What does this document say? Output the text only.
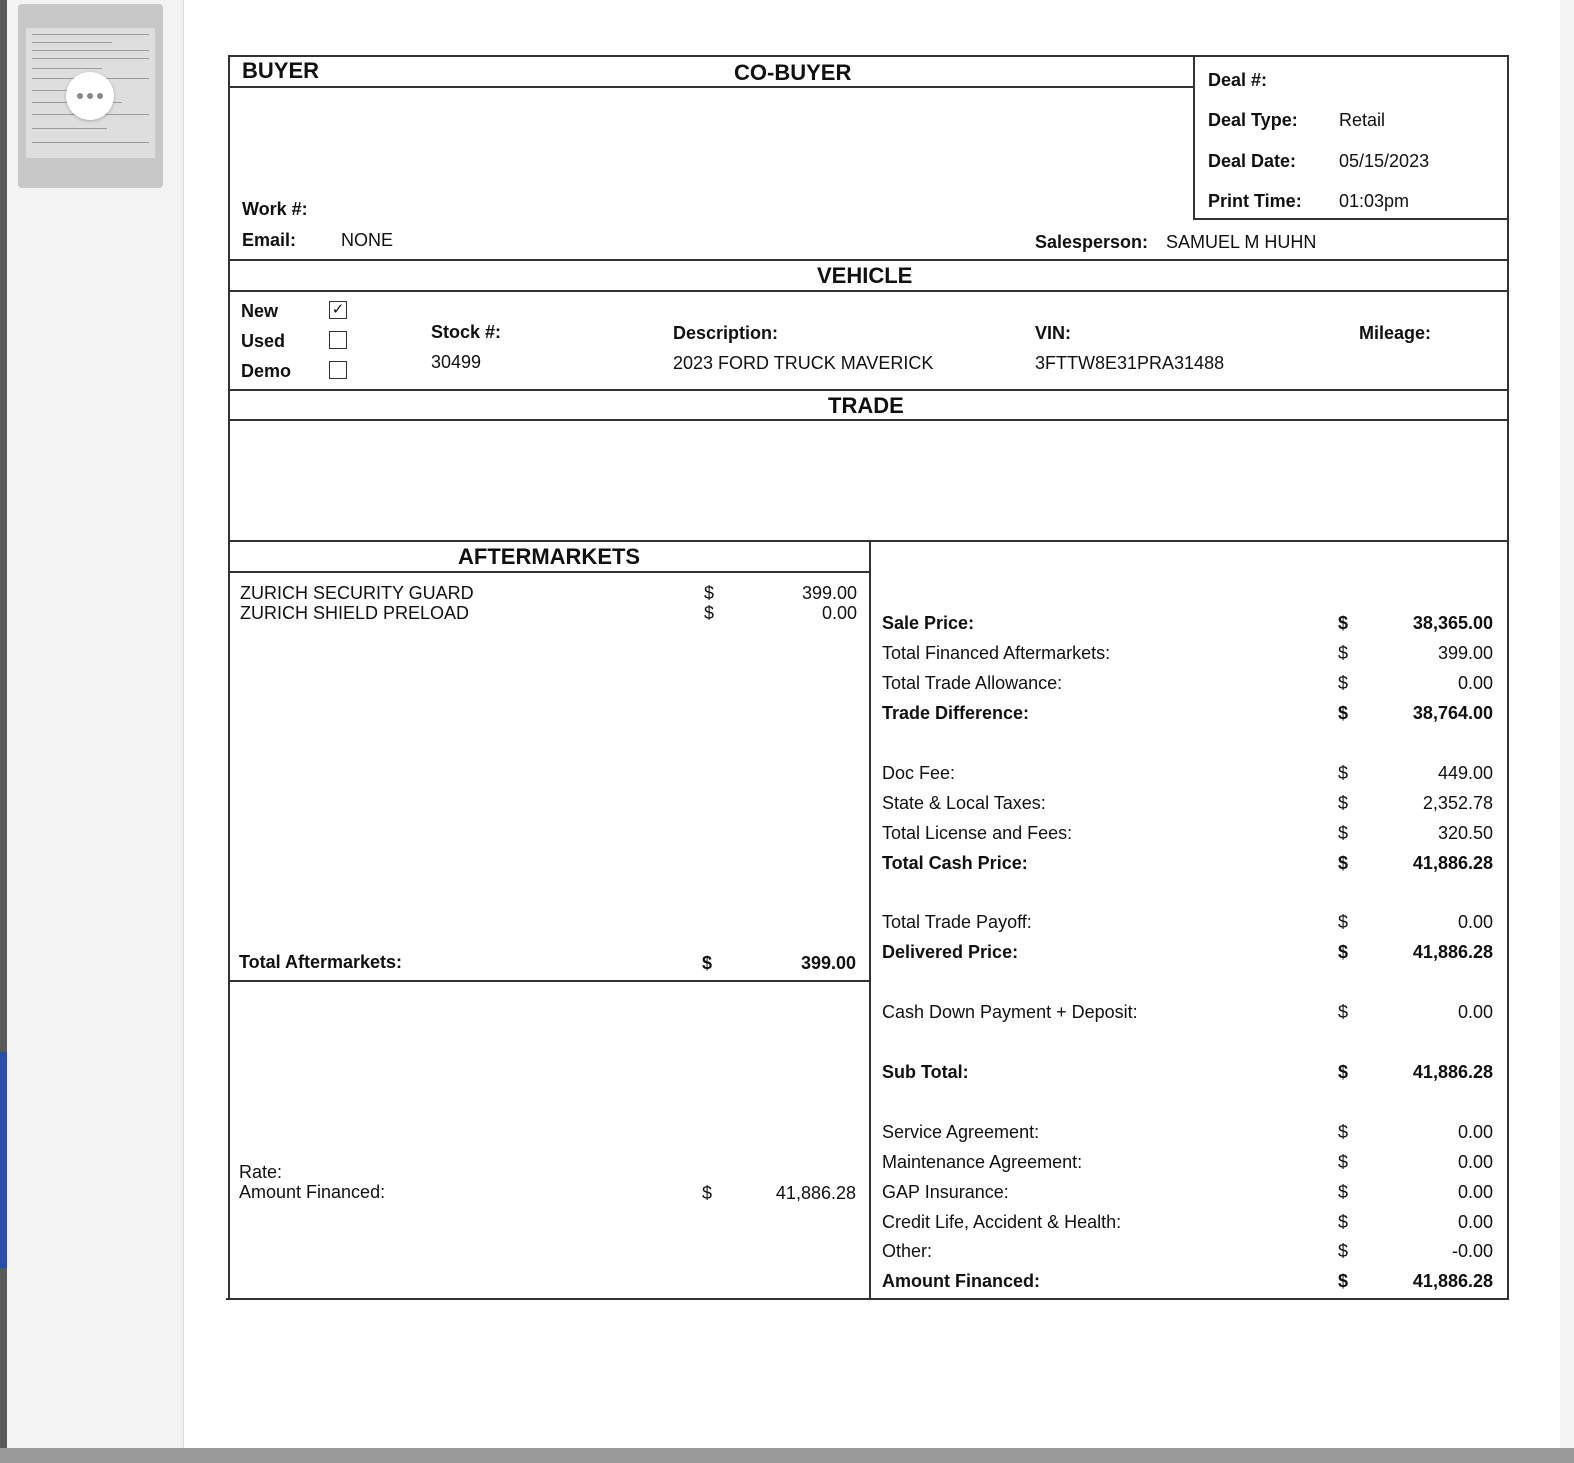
BUYER	CO-BUYER	Deal #:
Deal Type: Retail
Deal Date: 05/15/2023
Print Time: 01:03pm
Work #:
Email: NONE	Salesperson: SAMUEL M HUHN
VEHICLE
New	✓
Used
Demo
Stock #:
30499
Description:
2023 FORD TRUCK MAVERICK
VIN:
3FTTW8E31PRA31488
Mileage:
TRADE
AFTERMARKETS
ZURICH SECURITY GUARD	$	399.00
ZURICH SHIELD PRELOAD	$	0.00
Total Aftermarkets:	$	399.00
Rate:
Amount Financed:	$	41,886.28
Sale Price:	$	38,365.00
Total Financed Aftermarkets:	$	399.00
Total Trade Allowance:	$	0.00
Trade Difference:	$	38,764.00
Doc Fee:	$	449.00
State & Local Taxes:	$	2,352.78
Total License and Fees:	$	320.50
Total Cash Price:	$	41,886.28
Total Trade Payoff:	$	0.00
Delivered Price:	$	41,886.28
Cash Down Payment + Deposit:	$	0.00
Sub Total:	$	41,886.28
Service Agreement:	$	0.00
Maintenance Agreement:	$	0.00
GAP Insurance:	$	0.00
Credit Life, Accident & Health:	$	0.00
Other:	$	-0.00
Amount Financed:	$	41,886.28
